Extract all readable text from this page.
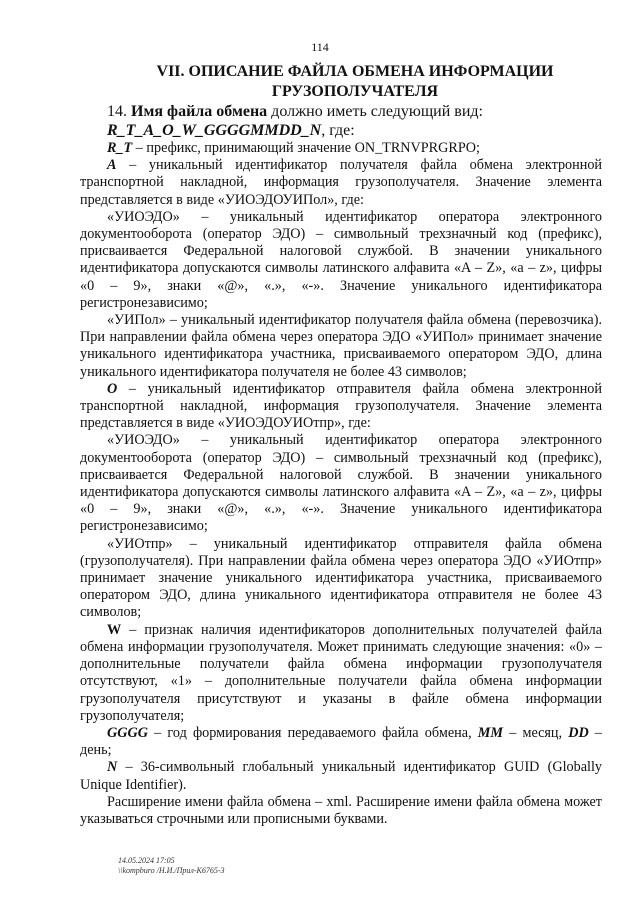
114
VII. ОПИСАНИЕ ФАЙЛА ОБМЕНА ИНФОРМАЦИИ
ГРУЗОПОЛУЧАТЕЛЯ

14. Имя файла обмена должно иметь следующий вид:

R_T_A_O_W_GGGGMMDD_N, где:

R_T – префикс, принимающий значение ON_TRNVPRGRPO;

A – уникальный идентификатор получателя файла обмена электронной транспортной накладной, информация грузополучателя. Значение элемента представляется в виде «УИОЭДОУИПол», где:

«УИОЭДО» – уникальный идентификатор оператора электронного документооборота (оператор ЭДО) – символьный трехзначный код (префикс), присваивается Федеральной налоговой службой. В значении уникального идентификатора допускаются символы латинского алфавита «A – Z», «a – z», цифры «0 – 9», знаки «@», «.», «-». Значение уникального идентификатора регистронезависимо;

«УИПол» – уникальный идентификатор получателя файла обмена (перевозчика). При направлении файла обмена через оператора ЭДО «УИПол» принимает значение уникального идентификатора участника, присваиваемого оператором ЭДО, длина уникального идентификатора получателя не более 43 символов;

O – уникальный идентификатор отправителя файла обмена электронной транспортной накладной, информация грузополучателя. Значение элемента представляется в виде «УИОЭДОУИОтпр», где:

«УИОЭДО» – уникальный идентификатор оператора электронного документооборота (оператор ЭДО) – символьный трехзначный код (префикс), присваивается Федеральной налоговой службой. В значении уникального идентификатора допускаются символы латинского алфавита «A – Z», «a – z», цифры «0 – 9», знаки «@», «.», «-». Значение уникального идентификатора регистронезависимо;

«УИОтпр» – уникальный идентификатор отправителя файла обмена (грузополучателя). При направлении файла обмена через оператора ЭДО «УИОтпр» принимает значение уникального идентификатора участника, присваиваемого оператором ЭДО, длина уникального идентификатора отправителя не более 43 символов;

W – признак наличия идентификаторов дополнительных получателей файла обмена информации грузополучателя. Может принимать следующие значения: «0» – дополнительные получатели файла обмена информации грузополучателя отсутствуют, «1» – дополнительные получатели файла обмена информации грузополучателя присутствуют и указаны в файле обмена информации грузополучателя;

GGGG – год формирования передаваемого файла обмена, MM – месяц, DD – день;

N – 36-символьный глобальный уникальный идентификатор GUID (Globally Unique Identifier).

Расширение имени файла обмена – xml. Расширение имени файла обмена может указываться строчными или прописными буквами.

14.05.2024 17:05
\\kompburo /Н.И./Прил-К6765-3
